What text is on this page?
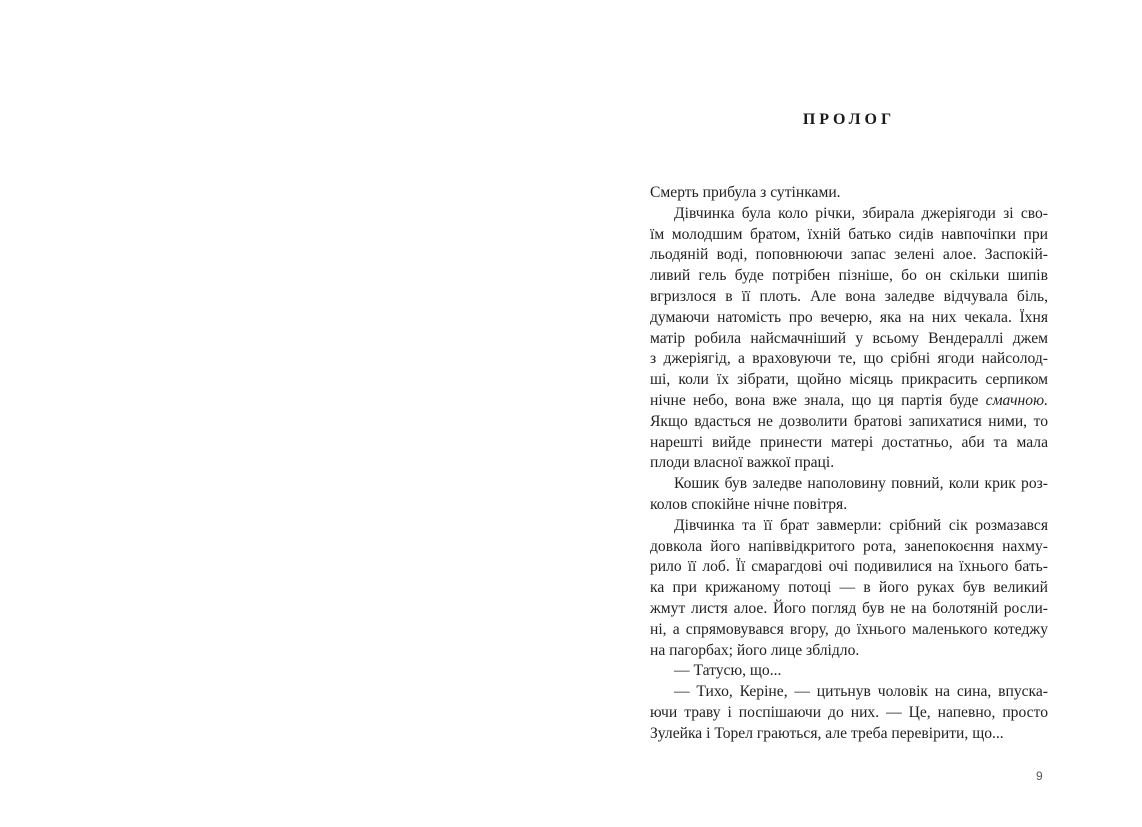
ПРОЛОГ
Смерть прибула з сутінками.
Дівчинка була коло річки, збирала джеріягоди зі сво-
їм молодшим братом, їхній батько сидів навпочіпки при
льодяній воді, поповнюючи запас зелені алое. Заспокій-
ливий гель буде потрібен пізніше, бо он скільки шипів
вгризлося в її плоть. Але вона заледве відчувала біль,
думаючи натомість про вечерю, яка на них чекала. Їхня
матір робила найсмачніший у всьому Вендераллі джем
з джеріягід, а враховуючи те, що срібні ягоди найсолод-
ші, коли їх зібрати, щойно місяць прикрасить серпиком
нічне небо, вона вже знала, що ця партія буде смачною.
Якщо вдасться не дозволити братові запихатися ними, то
нарешті вийде принести матері достатньо, аби та мала
плоди власної важкої праці.
Кошик був заледве наполовину повний, коли крик роз-
колов спокійне нічне повітря.
Дівчинка та її брат завмерли: срібний сік розмазався
довкола його напіввідкритого рота, занепокоєння нахму-
рило її лоб. Її смарагдові очі подивилися на їхнього бать-
ка при крижаному потоці — в його руках був великий
жмут листя алое. Його погляд був не на болотяній росли-
ні, а спрямовувався вгору, до їхнього маленького котеджу
на пагорбах; його лице зблідло.
— Татусю, що...
— Тихо, Керіне, — цитьнув чоловік на сина, впуска-
ючи траву і поспішаючи до них. — Це, напевно, просто
Зулейка і Торел граються, але треба перевірити, що...
9
